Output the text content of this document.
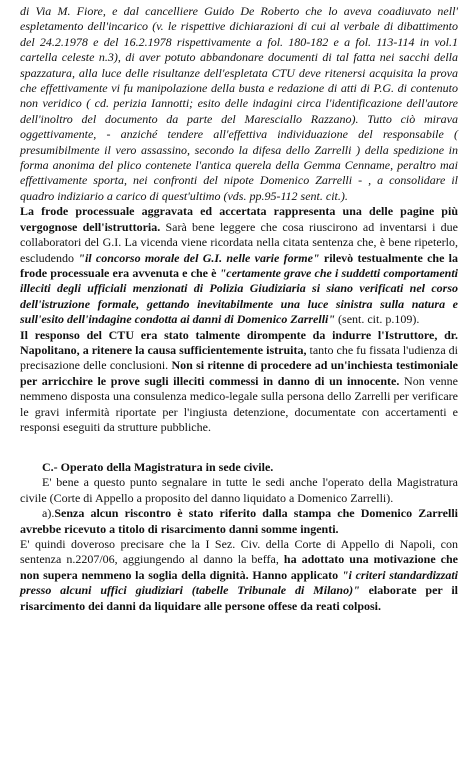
di Via M. Fiore, e dal cancelliere Guido De Roberto che lo aveva coadiuvato nell' espletamento dell'incarico (v. le rispettive dichiarazioni di cui al verbale di dibattimento del 24.2.1978 e del 16.2.1978 rispettivamente a fol. 180-182 e a fol. 113-114 in vol.1 cartella celeste n.3), di aver potuto abbandonare documenti di tal fatta nei sacchi della spazzatura, alla luce delle risultanze dell'espletata CTU deve ritenersi acquisita la prova che effettivamente vi fu manipolazione della busta e redazione di atti di P.G. di contenuto non veridico ( cd. perizia Iannotti; esito delle indagini circa l'identificazione dell'autore dell'inoltro del documento da parte del Maresciallo Razzano). Tutto ciò mirava oggettivamente, - anziché tendere all'effettiva individuazione del responsabile ( presumibilmente il vero assassino, secondo la difesa dello Zarrelli ) della spedizione in forma anonima del plico contenete l'antica querela della Gemma Cenname, peraltro mai effettivamente sporta, nei confronti del nipote Domenico Zarrelli - , a consolidare il quadro indiziario a carico di quest'ultimo (vds. pp.95-112 sent. cit.).

La frode processuale aggravata ed accertata rappresenta una delle pagine più vergognose dell'istruttoria. Sarà bene leggere che cosa riuscirono ad inventarsi i due collaboratori del G.I. La vicenda viene ricordata nella citata sentenza che, è bene ripeterlo, escludendo "il concorso morale del G.I. nelle varie forme" rilevò testualmente che la frode processuale era avvenuta e che è "certamente grave che i suddetti comportamenti illeciti degli ufficiali menzionati di Polizia Giudiziaria si siano verificati nel corso dell'istruzione formale, gettando inevitabilmente una luce sinistra sulla natura e sull'esito dell'indagine condotta ai danni di Domenico Zarrelli" (sent. cit. p.109).

Il responso del CTU era stato talmente dirompente da indurre l'Istruttore, dr. Napolitano, a ritenere la causa sufficientemente istruita, tanto che fu fissata l'udienza di precisazione delle conclusioni. Non si ritenne di procedere ad un'inchiesta testimoniale per arricchire le prove sugli illeciti commessi in danno di un innocente. Non venne nemmeno disposta una consulenza medico-legale sulla persona dello Zarrelli per verificare le gravi infermità riportate per l'ingiusta detenzione, documentate con accertamenti e responsi eseguiti da strutture pubbliche.

C.- Operato della Magistratura in sede civile.

E' bene a questo punto segnalare in tutte le sedi anche l'operato della Magistratura civile (Corte di Appello a proposito del danno liquidato a Domenico Zarrelli).

a).Senza alcun riscontro è stato riferito dalla stampa che Domenico Zarrelli avrebbe ricevuto a titolo di risarcimento danni somme ingenti.

E' quindi doveroso precisare che la I Sez. Civ. della Corte di Appello di Napoli, con sentenza n.2207/06, aggiungendo al danno la beffa, ha adottato una motivazione che non supera nemmeno la soglia della dignità. Hanno applicato "i criteri standardizzati presso alcuni uffici giudiziari (tabelle Tribunale di Milano)" elaborate per il risarcimento dei danni da liquidare alle persone offese da reati colposi.
